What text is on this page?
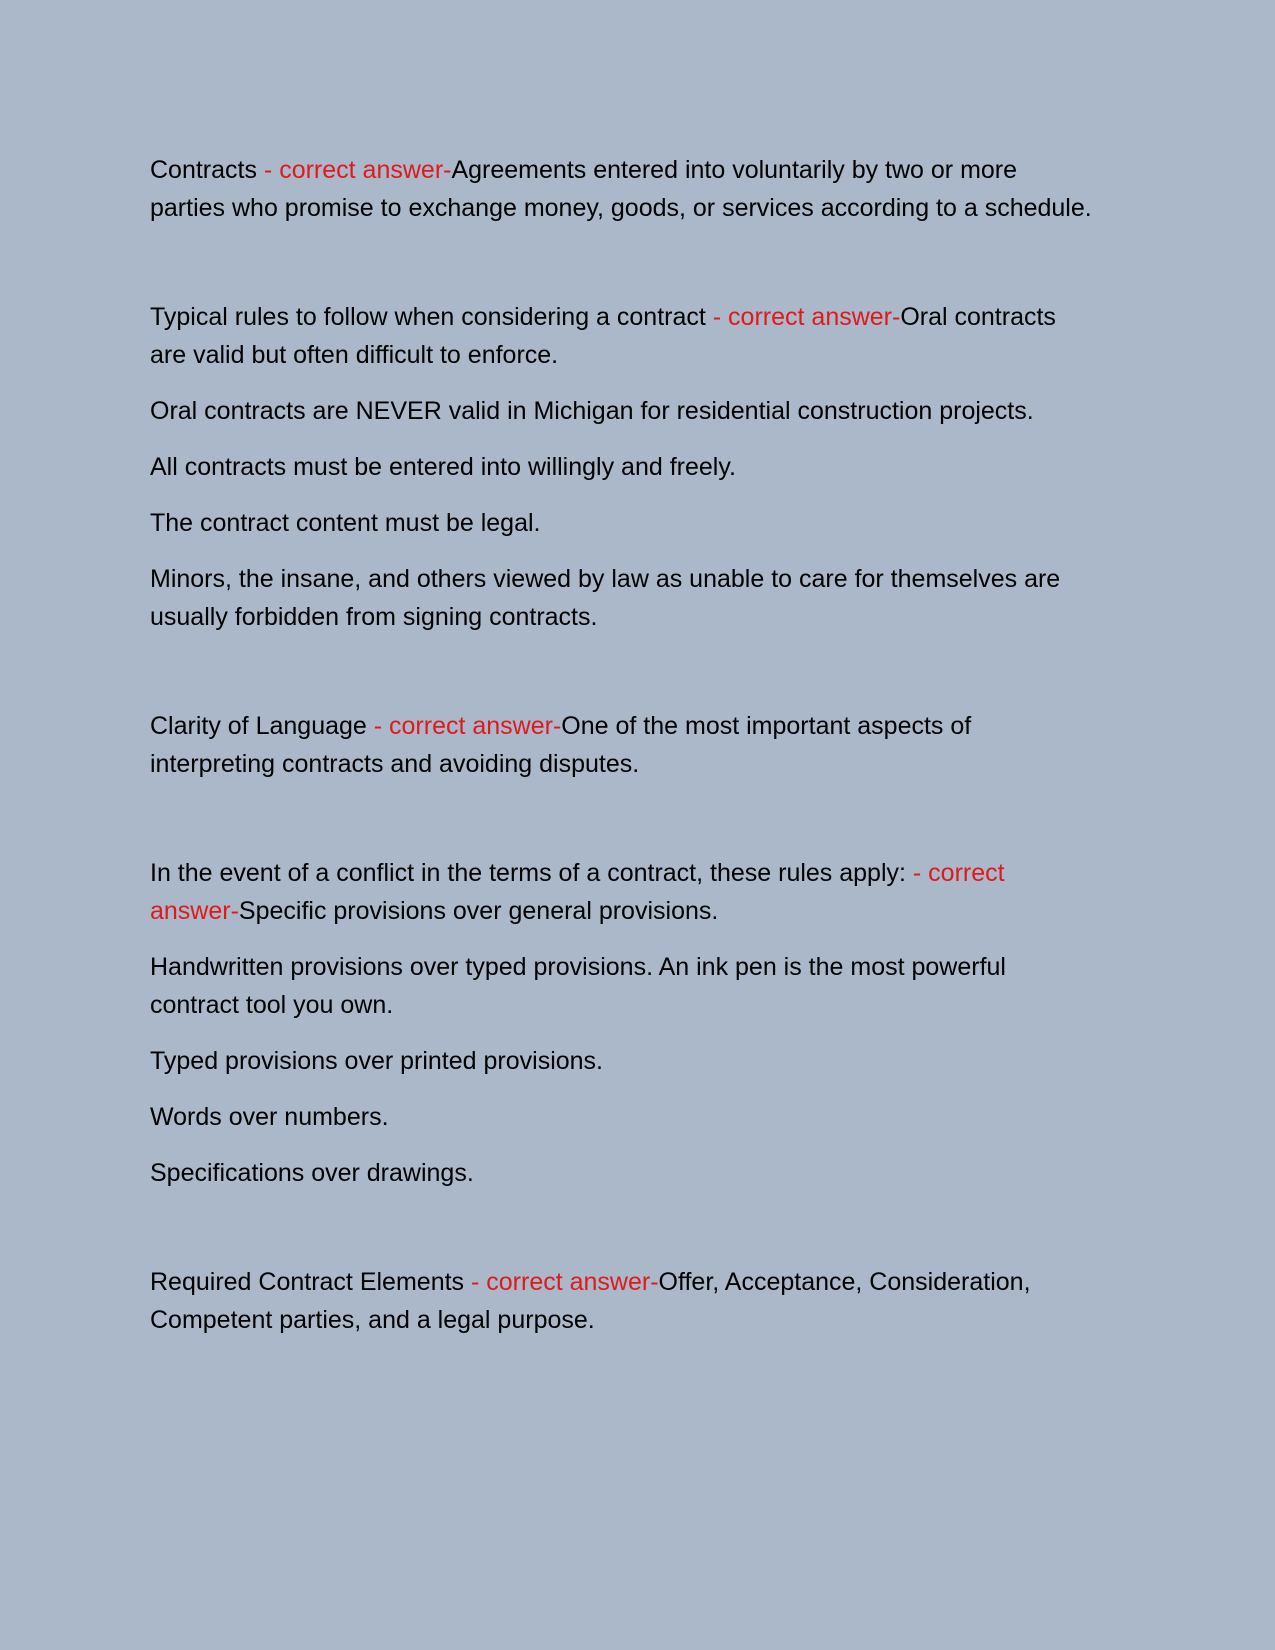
Contracts - correct answer-Agreements entered into voluntarily by two or more parties who promise to exchange money, goods, or services according to a schedule.

Typical rules to follow when considering a contract - correct answer-Oral contracts are valid but often difficult to enforce.

Oral contracts are NEVER valid in Michigan for residential construction projects.

All contracts must be entered into willingly and freely.

The contract content must be legal.

Minors, the insane, and others viewed by law as unable to care for themselves are usually forbidden from signing contracts.

Clarity of Language - correct answer-One of the most important aspects of interpreting contracts and avoiding disputes.

In the event of a conflict in the terms of a contract, these rules apply: - correct answer-Specific provisions over general provisions.

Handwritten provisions over typed provisions. An ink pen is the most powerful contract tool you own.

Typed provisions over printed provisions.

Words over numbers.

Specifications over drawings.

Required Contract Elements - correct answer-Offer, Acceptance, Consideration, Competent parties, and a legal purpose.
